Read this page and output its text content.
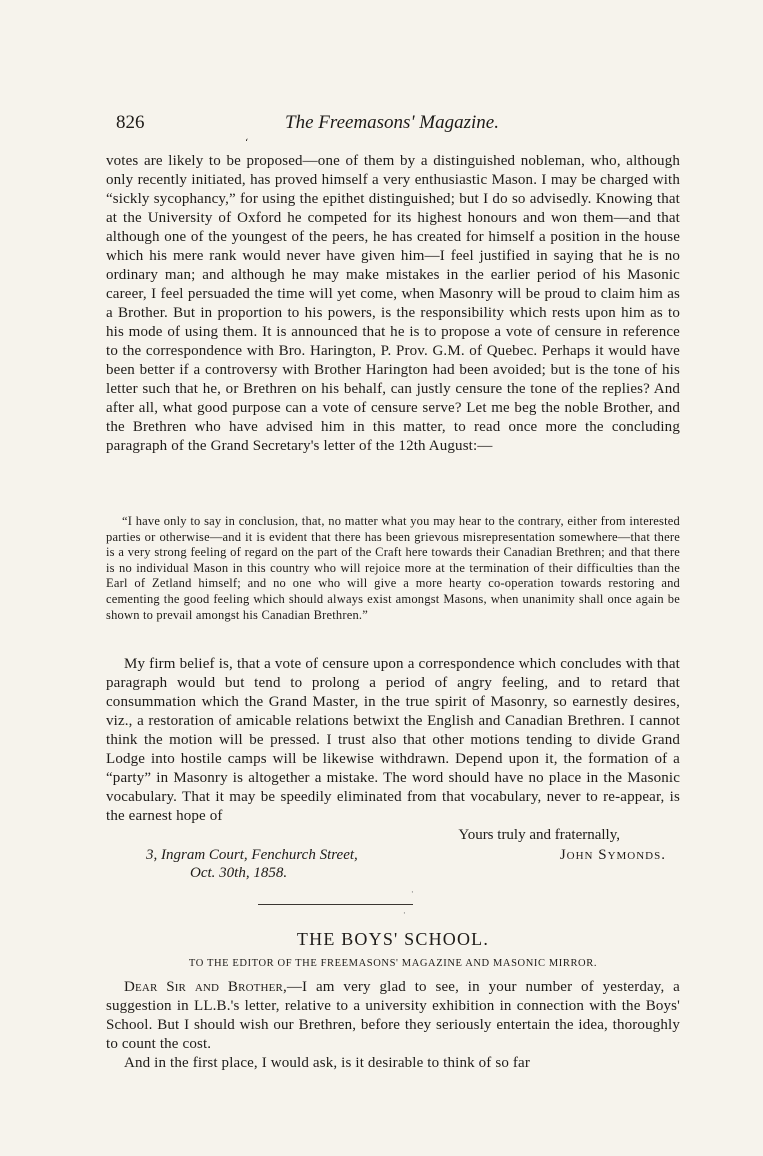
826	The Freemasons' Magazine.
‘

votes are likely to be proposed—one of them by a distinguished nobleman, who, although only recently initiated, has proved himself a very enthusiastic Mason. I may be charged with “sickly sycophancy,” for using the epithet distinguished; but I do so advisedly. Knowing that at the University of Oxford he competed for its highest honours and won them—and that although one of the youngest of the peers, he has created for himself a position in the house which his mere rank would never have given him—I feel justified in saying that he is no ordinary man; and although he may make mistakes in the earlier period of his Masonic career, I feel persuaded the time will yet come, when Masonry will be proud to claim him as a Brother. But in proportion to his powers, is the responsibility which rests upon him as to his mode of using them. It is announced that he is to propose a vote of censure in reference to the correspondence with Bro. Harington, P. Prov. G.M. of Quebec. Perhaps it would have been better if a controversy with Brother Harington had been avoided; but is the tone of his letter such that he, or Brethren on his behalf, can justly censure the tone of the replies? And after all, what good purpose can a vote of censure serve? Let me beg the noble Brother, and the Brethren who have advised him in this matter, to read once more the concluding paragraph of the Grand Secretary's letter of the 12th August:—

“I have only to say in conclusion, that, no matter what you may hear to the contrary, either from interested parties or otherwise—and it is evident that there has been grievous misrepresentation somewhere—that there is a very strong feeling of regard on the part of the Craft here towards their Canadian Brethren; and that there is no individual Mason in this country who will rejoice more at the termination of their difficulties than the Earl of Zetland himself; and no one who will give a more hearty co-operation towards restoring and cementing the good feeling which should always exist amongst Masons, when unanimity shall once again be shown to prevail amongst his Canadian Brethren.”

My firm belief is, that a vote of censure upon a correspondence which concludes with that paragraph would but tend to prolong a period of angry feeling, and to retard that consummation which the Grand Master, in the true spirit of Masonry, so earnestly desires, viz., a restoration of amicable relations betwixt the English and Canadian Brethren. I cannot think the motion will be pressed. I trust also that other motions tending to divide Grand Lodge into hostile camps will be likewise withdrawn. Depend upon it, the formation of a “party” in Masonry is altogether a mistake. The word should have no place in the Masonic vocabulary. That it may be speedily eliminated from that vocabulary, never to re-appear, is the earnest hope of

Yours truly and fraternally,
3, Ingram Court, Fenchurch Street,	John Symonds.
Oct. 30th, 1858.
·
·
THE BOYS' SCHOOL.
TO THE EDITOR OF THE FREEMASONS' MAGAZINE AND MASONIC MIRROR.

Dear Sir and Brother,—I am very glad to see, in your number of yesterday, a suggestion in LL.B.'s letter, relative to a university exhibition in connection with the Boys' School. But I should wish our Brethren, before they seriously entertain the idea, thoroughly to count the cost.

And in the first place, I would ask, is it desirable to think of so far
